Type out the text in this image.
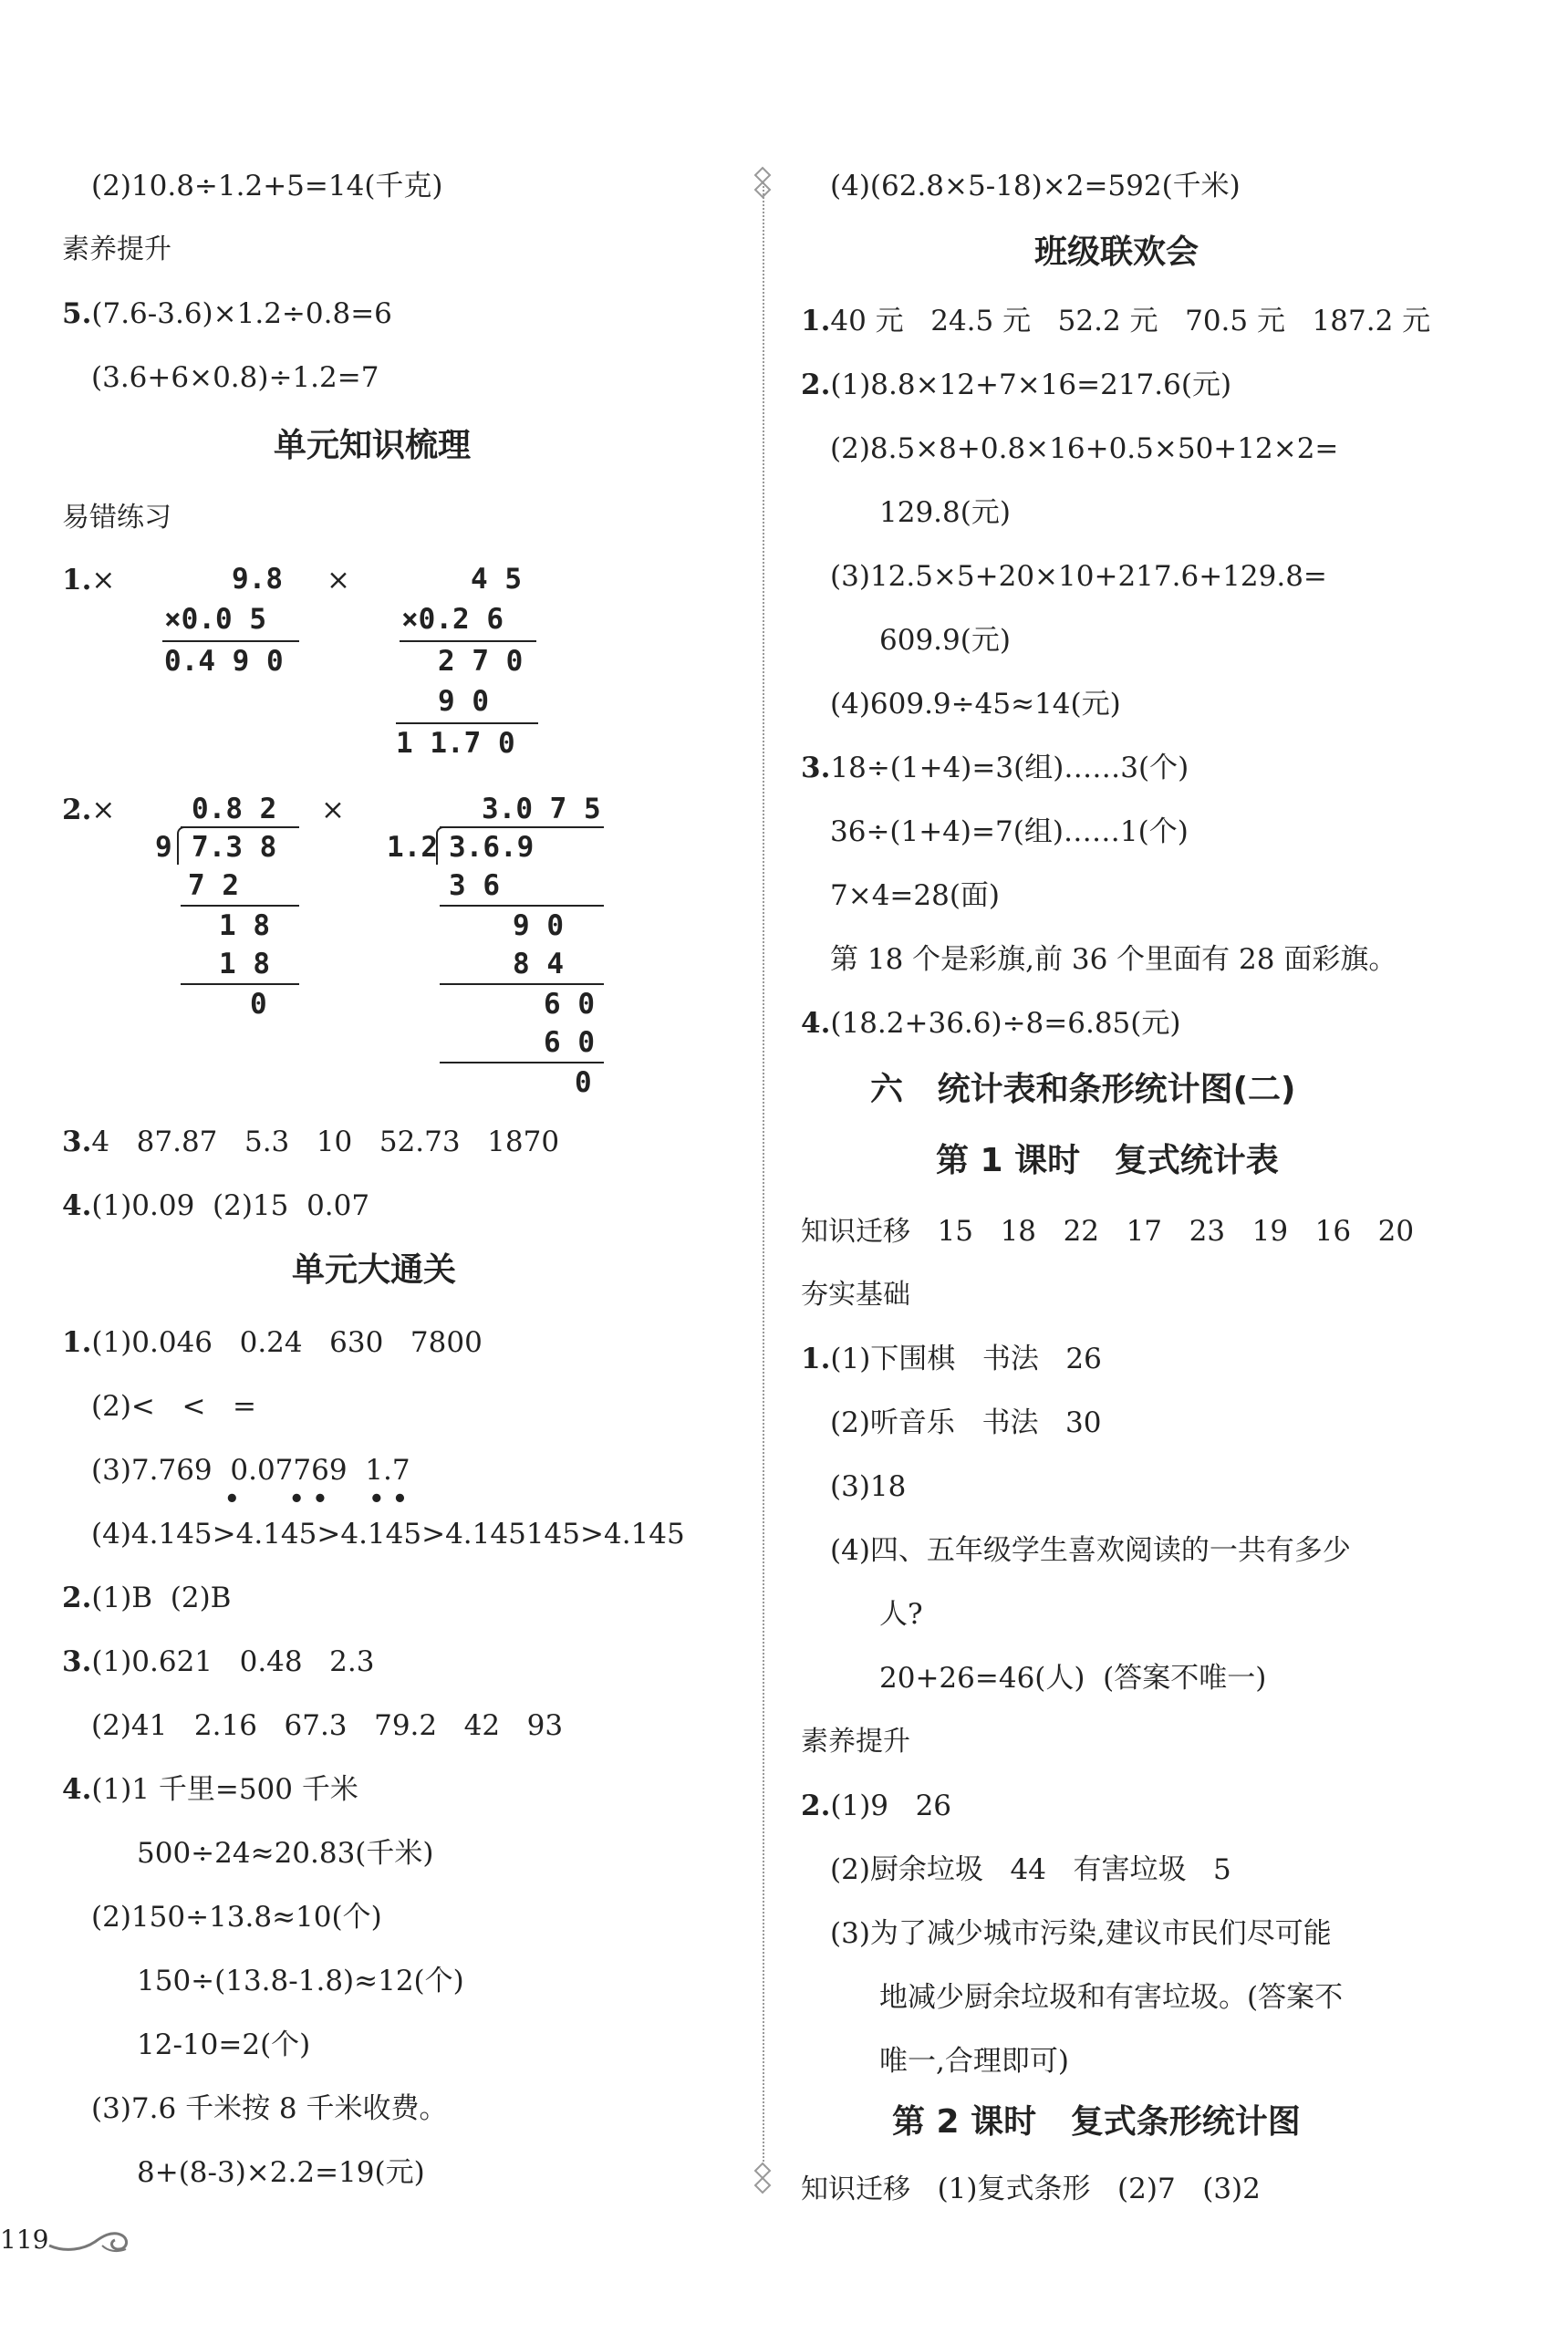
(2)10.8÷1.2+5=14(千克)
素养提升
5.(7.6-3.6)×1.2÷0.8=6
(3.6+6×0.8)÷1.2=7
单元知识梳理
易错练习
1.×	9.8
×0.0 5
0.4 9 0
×	4 5
×0.2 6
2 7 0
9 0
1 1.7 0
2.×	0.8 2
9 7.3 8
7 2
1 8
1 8
0
×	3.0 7 5
1.2 3.6.9
3 6
9 0
8 4
6 0
6 0
0
3.4   87.87   5.3   10   52.73   1870
4.(1)0.09  (2)15  0.07
单元大通关
1.(1)0.046   0.24   630   7800
(2)<   <   =
(3)7.769  0.07769  1.7
•      • •     • •
(4)4.145>4.145>4.145>4.145145>4.145
2.(1)B  (2)B
3.(1)0.621   0.48   2.3
(2)41   2.16   67.3   79.2   42   93
4.(1)1 千里=500 千米
500÷24≈20.83(千米)
(2)150÷13.8≈10(个)
150÷(13.8-1.8)≈12(个)
12-10=2(个)
(3)7.6 千米按 8 千米收费。
8+(8-3)×2.2=19(元)
(4)(62.8×5-18)×2=592(千米)
班级联欢会
1.40 元   24.5 元   52.2 元   70.5 元   187.2 元
2.(1)8.8×12+7×16=217.6(元)
(2)8.5×8+0.8×16+0.5×50+12×2=
129.8(元)
(3)12.5×5+20×10+217.6+129.8=
609.9(元)
(4)609.9÷45≈14(元)
3.18÷(1+4)=3(组)……3(个)
36÷(1+4)=7(组)……1(个)
7×4=28(面)
第 18 个是彩旗,前 36 个里面有 28 面彩旗。
4.(18.2+36.6)÷8=6.85(元)
六   统计表和条形统计图(二)
第 1 课时   复式统计表
知识迁移 15   18   22   17   23   19   16   20
夯实基础
1.(1)下围棋   书法   26
(2)听音乐   书法   30
(3)18
(4)四、五年级学生喜欢阅读的一共有多少
人?
20+26=46(人)  (答案不唯一)
素养提升
2.(1)9   26
(2)厨余垃圾   44   有害垃圾   5
(3)为了减少城市污染,建议市民们尽可能
地减少厨余垃圾和有害垃圾。(答案不
唯一,合理即可)
第 2 课时   复式条形统计图
知识迁移 (1)复式条形   (2)7   (3)2
119
